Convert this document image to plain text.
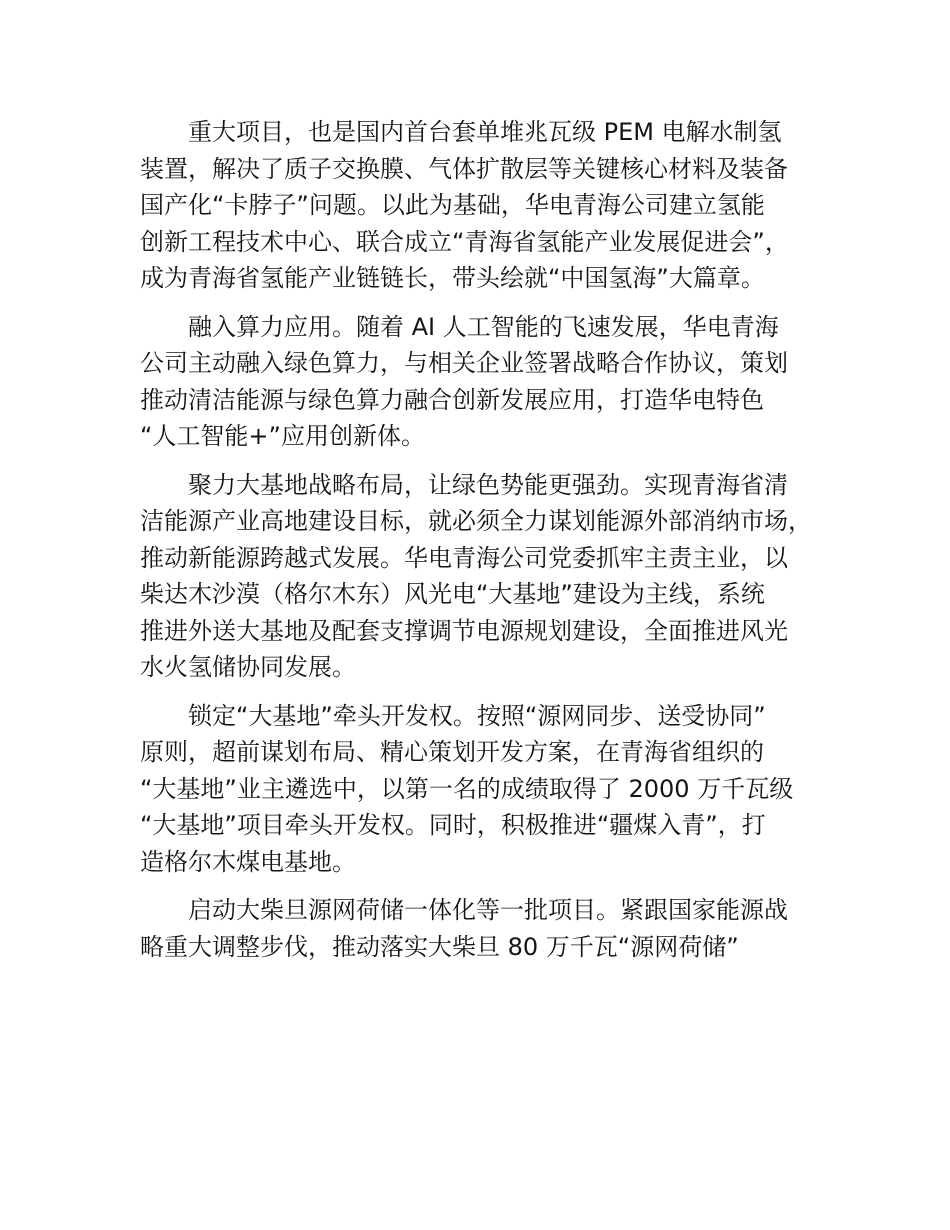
重大项目，也是国内首台套单堆兆瓦级 PEM 电解水制氢
装置，解决了质子交换膜、气体扩散层等关键核心材料及装备
国产化“卡脖子”问题。以此为基础，华电青海公司建立氢能
创新工程技术中心、联合成立“青海省氢能产业发展促进会”，
成为青海省氢能产业链链长，带头绘就“中国氢海”大篇章。

融入算力应用。随着 AI 人工智能的飞速发展，华电青海
公司主动融入绿色算力，与相关企业签署战略合作协议，策划
推动清洁能源与绿色算力融合创新发展应用，打造华电特色
“人工智能+”应用创新体。

聚力大基地战略布局，让绿色势能更强劲。实现青海省清
洁能源产业高地建设目标，就必须全力谋划能源外部消纳市场，
推动新能源跨越式发展。华电青海公司党委抓牢主责主业，以
柴达木沙漠（格尔木东）风光电“大基地”建设为主线，系统
推进外送大基地及配套支撑调节电源规划建设，全面推进风光
水火氢储协同发展。

锁定“大基地”牵头开发权。按照“源网同步、送受协同”
原则，超前谋划布局、精心策划开发方案，在青海省组织的
“大基地”业主遴选中，以第一名的成绩取得了 2000 万千瓦级
“大基地”项目牵头开发权。同时，积极推进“疆煤入青”，打
造格尔木煤电基地。

启动大柴旦源网荷储一体化等一批项目。紧跟国家能源战
略重大调整步伐，推动落实大柴旦 80 万千瓦“源网荷储”
